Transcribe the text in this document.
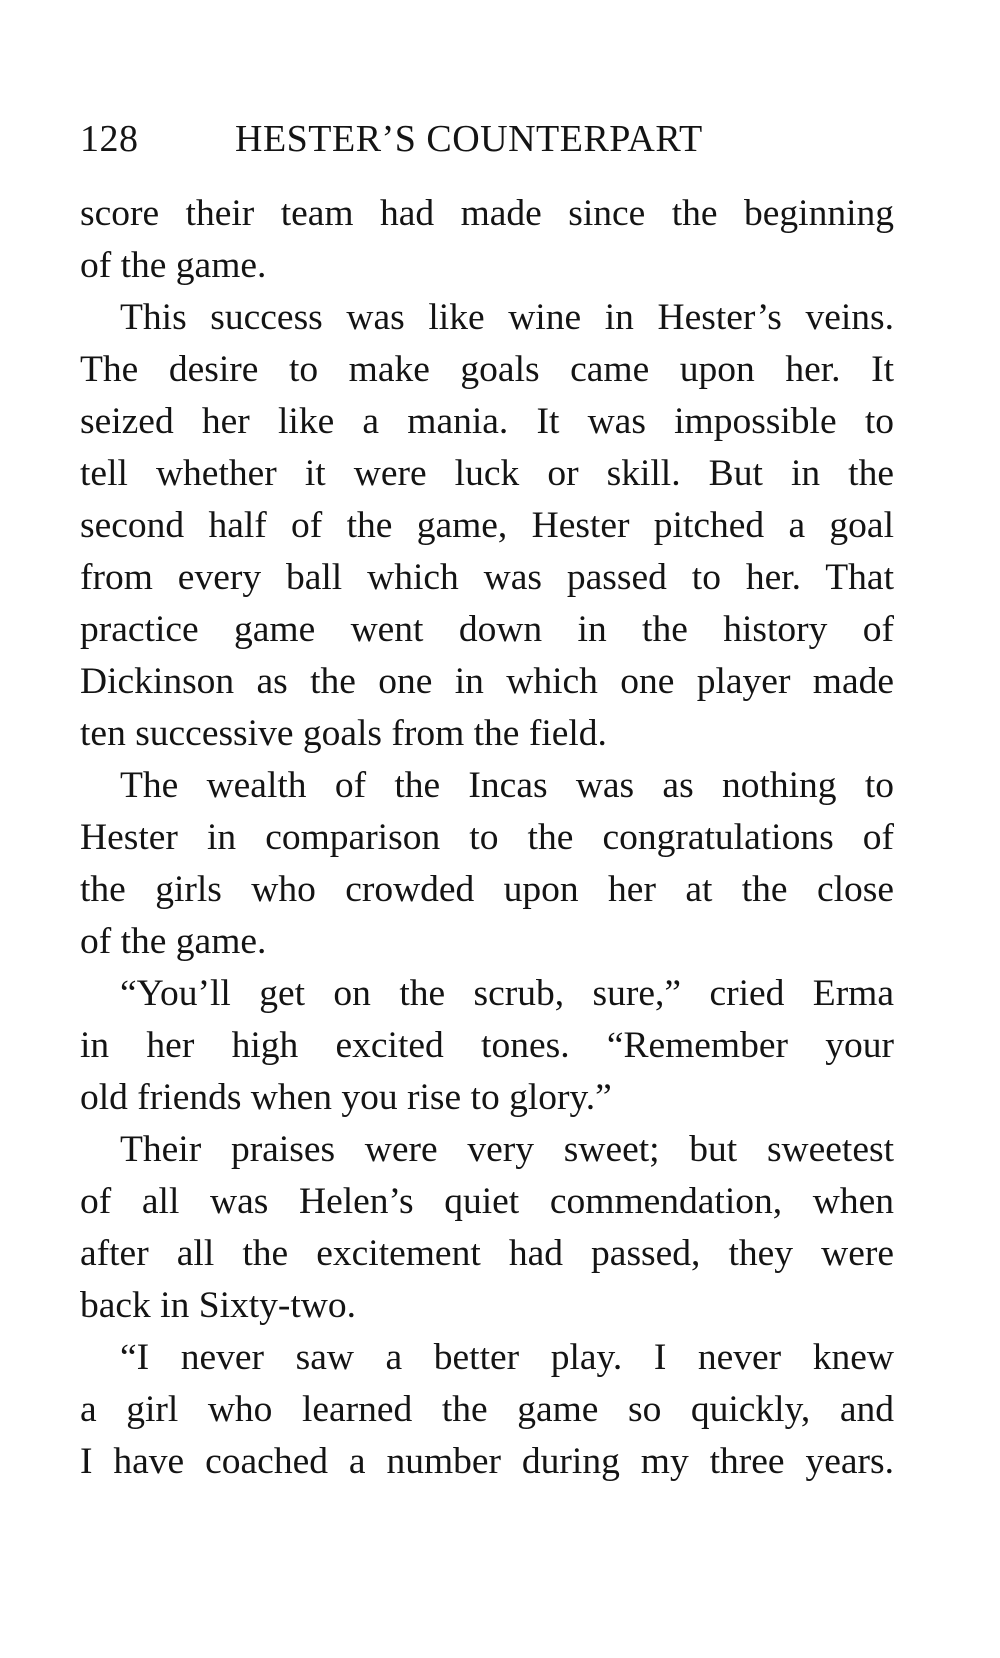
128	HESTER’S COUNTERPART
score their team had made since the beginning
of the game.
This success was like wine in Hester’s veins.
The desire to make goals came upon her. It
seized her like a mania. It was impossible to
tell whether it were luck or skill. But in the
second half of the game, Hester pitched a goal
from every ball which was passed to her. That
practice game went down in the history of
Dickinson as the one in which one player made
ten successive goals from the field.
The wealth of the Incas was as nothing to
Hester in comparison to the congratulations of
the girls who crowded upon her at the close
of the game.
“You’ll get on the scrub, sure,” cried Erma
in her high excited tones. “Remember your
old friends when you rise to glory.”
Their praises were very sweet; but sweetest
of all was Helen’s quiet commendation, when
after all the excitement had passed, they were
back in Sixty-two.
“I never saw a better play. I never knew
a girl who learned the game so quickly, and
I have coached a number during my three years.
